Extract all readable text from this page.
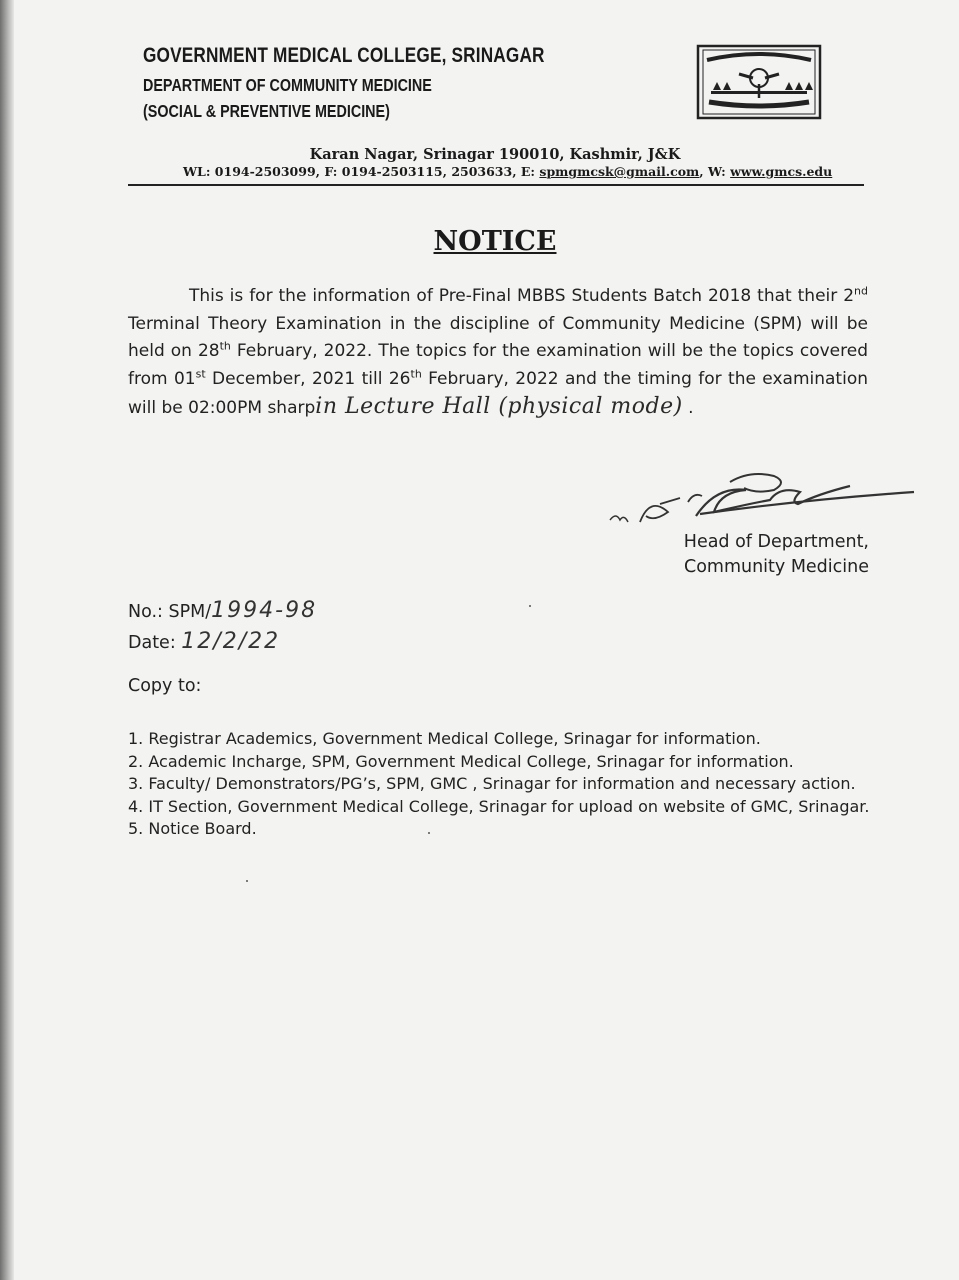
GOVERNMENT MEDICAL COLLEGE, SRINAGAR
DEPARTMENT OF COMMUNITY MEDICINE
(SOCIAL & PREVENTIVE MEDICINE)
Karan Nagar, Srinagar 190010, Kashmir, J&K
WL: 0194-2503099, F: 0194-2503115, 2503633, E: spmgmcsk@gmail.com, W: www.gmcs.edu
NOTICE

This is for the information of Pre-Final MBBS Students Batch 2018 that their 2nd Terminal Theory Examination in the discipline of Community Medicine (SPM) will be held on 28th February, 2022. The topics for the examination will be the topics covered from 01st December, 2021 till 26th February, 2022 and the timing for the examination will be 02:00PM sharpin Lecture Hall (physical mode) .

Head of Department,
Community Medicine
No.: SPM/1994-98
Date: 12/2/22
Copy to:
1. Registrar Academics, Government Medical College, Srinagar for information.
2. Academic Incharge, SPM, Government Medical College, Srinagar for information.
3. Faculty/ Demonstrators/PG’s, SPM, GMC , Srinagar for information and necessary action.
4. IT Section, Government Medical College, Srinagar for upload on website of GMC, Srinagar.
5. Notice Board.
